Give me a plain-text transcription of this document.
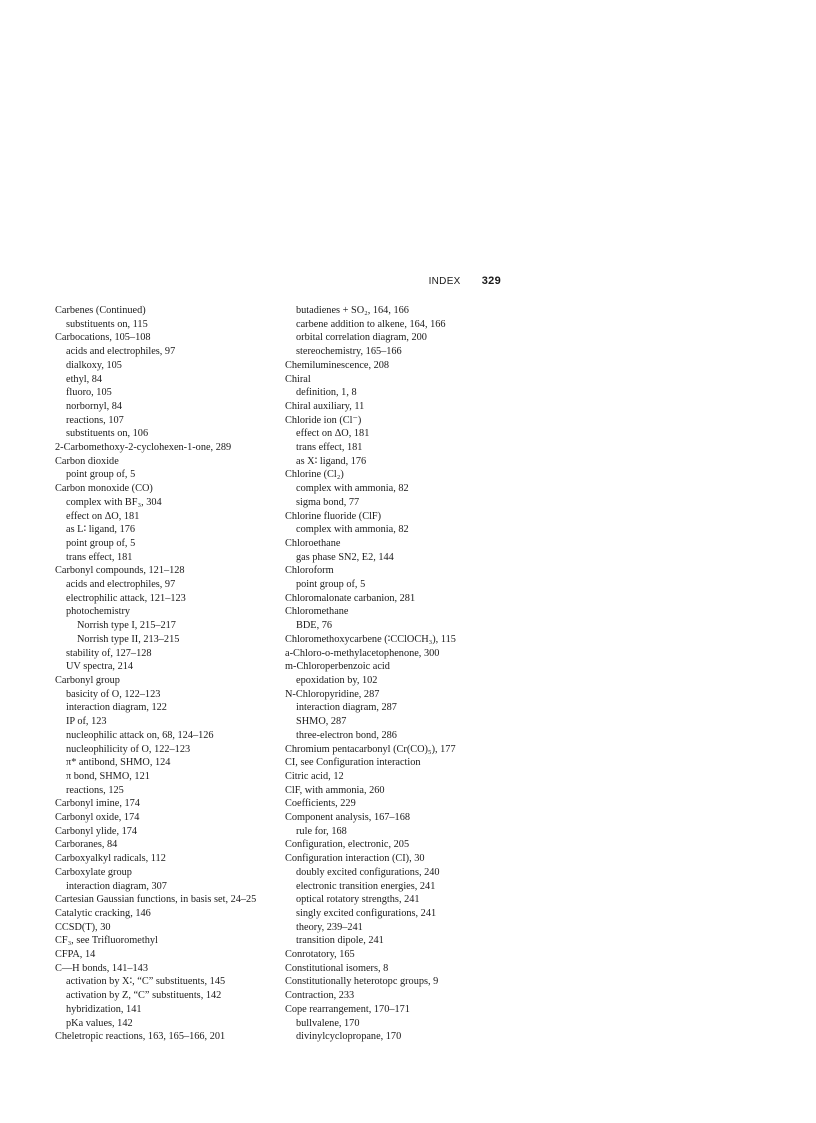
INDEX 329
Carbenes (Continued)
substituents on, 115
Carbocations, 105–108
acids and electrophiles, 97
dialkoxy, 105
ethyl, 84
fluoro, 105
norbornyl, 84
reactions, 107
substituents on, 106
2-Carbomethoxy-2-cyclohexen-1-one, 289
Carbon dioxide
point group of, 5
Carbon monoxide (CO)
complex with BF₃, 304
effect on ΔO, 181
as L∶ ligand, 176
point group of, 5
trans effect, 181
Carbonyl compounds, 121–128
acids and electrophiles, 97
electrophilic attack, 121–123
photochemistry
Norrish type I, 215–217
Norrish type II, 213–215
stability of, 127–128
UV spectra, 214
Carbonyl group
basicity of O, 122–123
interaction diagram, 122
IP of, 123
nucleophilic attack on, 68, 124–126
nucleophilicity of O, 122–123
π* antibond, SHMO, 124
π bond, SHMO, 121
reactions, 125
Carbonyl imine, 174
Carbonyl oxide, 174
Carbonyl ylide, 174
Carboranes, 84
Carboxyalkyl radicals, 112
Carboxylate group
interaction diagram, 307
Cartesian Gaussian functions, in basis set, 24–25
Catalytic cracking, 146
CCSD(T), 30
CF₃, see Trifluoromethyl
CFPA, 14
C—H bonds, 141–143
activation by X∶, “C” substituents, 145
activation by Z, “C” substituents, 142
hybridization, 141
pKa values, 142
Cheletropic reactions, 163, 165–166, 201
butadienes + SO₂, 164, 166
carbene addition to alkene, 164, 166
orbital correlation diagram, 200
stereochemistry, 165–166
Chemiluminescence, 208
Chiral
definition, 1, 8
Chiral auxiliary, 11
Chloride ion (Cl⁻)
effect on ΔO, 181
trans effect, 181
as X∶ ligand, 176
Chlorine (Cl₂)
complex with ammonia, 82
sigma bond, 77
Chlorine fluoride (ClF)
complex with ammonia, 82
Chloroethane
gas phase SN2, E2, 144
Chloroform
point group of, 5
Chloromalonate carbanion, 281
Chloromethane
BDE, 76
Chloromethoxycarbene (∶CClOCH₃), 115
a-Chloro-o-methylacetophenone, 300
m-Chloroperbenzoic acid
epoxidation by, 102
N-Chloropyridine, 287
interaction diagram, 287
SHMO, 287
three-electron bond, 286
Chromium pentacarbonyl (Cr(CO)₅), 177
CI, see Configuration interaction
Citric acid, 12
ClF, with ammonia, 260
Coefficients, 229
Component analysis, 167–168
rule for, 168
Configuration, electronic, 205
Configuration interaction (CI), 30
doubly excited configurations, 240
electronic transition energies, 241
optical rotatory strengths, 241
singly excited configurations, 241
theory, 239–241
transition dipole, 241
Conrotatory, 165
Constitutional isomers, 8
Constitutionally heterotopc groups, 9
Contraction, 233
Cope rearrangement, 170–171
bullvalene, 170
divinylcyclopropane, 170
